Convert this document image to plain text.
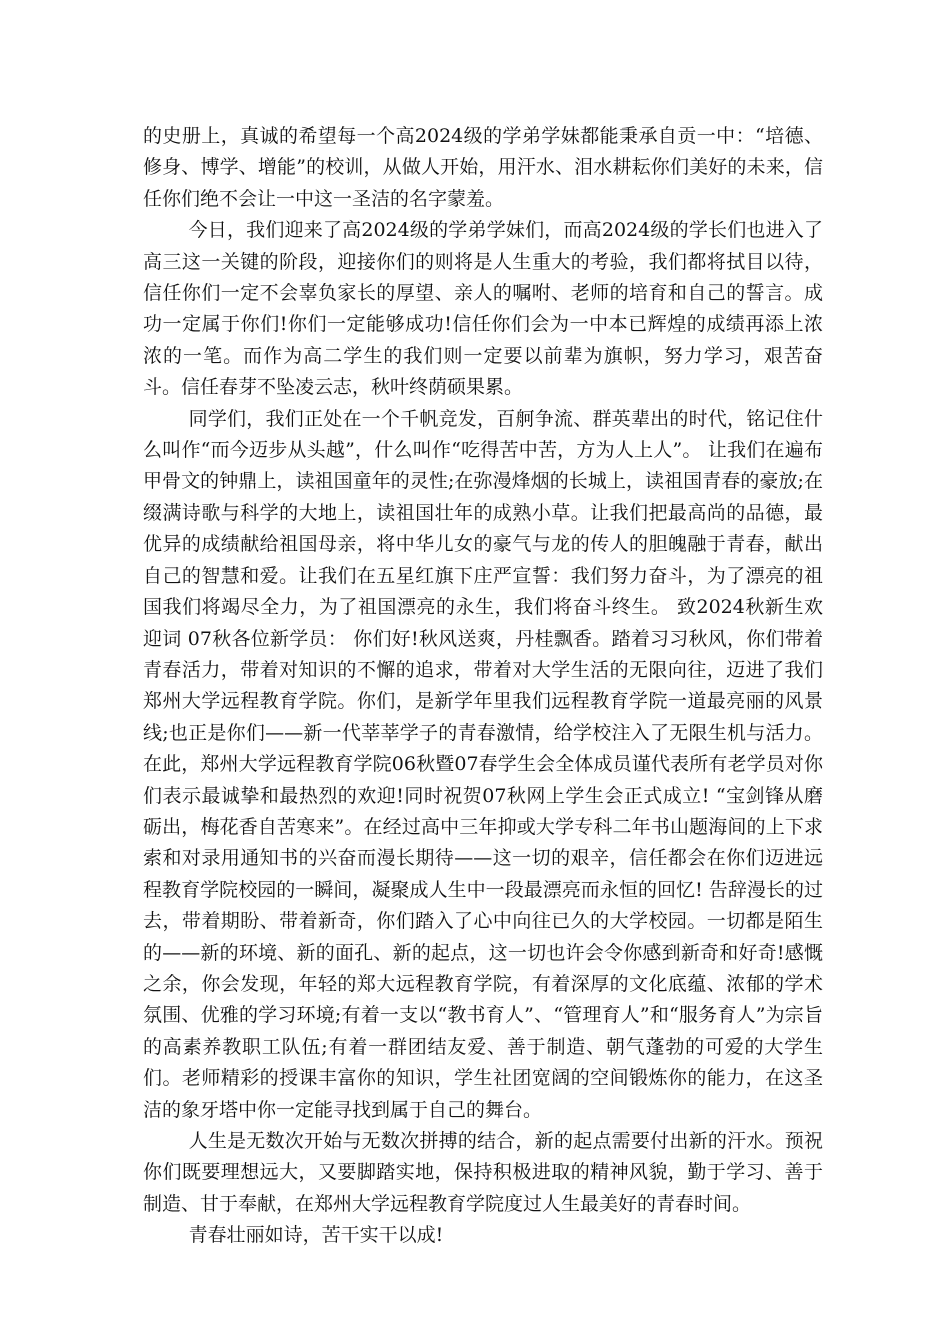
的史册上，真诚的希望每一个高2024级的学弟学妹都能秉承自贡一中：“培德、修身、博学、增能”的校训，从做人开始，用汗水、泪水耕耘你们美好的未来，信任你们绝不会让一中这一圣洁的名字蒙羞。

今日，我们迎来了高2024级的学弟学妹们，而高2024级的学长们也进入了高三这一关键的阶段，迎接你们的则将是人生重大的考验，我们都将拭目以待，信任你们一定不会辜负家长的厚望、亲人的嘱咐、老师的培育和自己的誓言。成功一定属于你们!你们一定能够成功!信任你们会为一中本已辉煌的成绩再添上浓浓的一笔。而作为高二学生的我们则一定要以前辈为旗帜，努力学习，艰苦奋斗。信任春芽不坠凌云志，秋叶终荫硕果累。

同学们，我们正处在一个千帆竞发，百舸争流、群英辈出的时代，铭记住什么叫作“而今迈步从头越”，什么叫作“吃得苦中苦，方为人上人”。 让我们在遍布甲骨文的钟鼎上，读祖国童年的灵性;在弥漫烽烟的长城上，读祖国青春的豪放;在缀满诗歌与科学的大地上，读祖国壮年的成熟小草。让我们把最高尚的品德，最优异的成绩献给祖国母亲，将中华儿女的豪气与龙的传人的胆魄融于青春，献出自己的智慧和爱。让我们在五星红旗下庄严宣誓：我们努力奋斗，为了漂亮的祖国我们将竭尽全力，为了祖国漂亮的永生，我们将奋斗终生。 致2024秋新生欢迎词 07秋各位新学员： 你们好!秋风送爽，丹桂飘香。踏着习习秋风，你们带着青春活力，带着对知识的不懈的追求，带着对大学生活的无限向往，迈进了我们郑州大学远程教育学院。你们，是新学年里我们远程教育学院一道最亮丽的风景线;也正是你们——新一代莘莘学子的青春激情，给学校注入了无限生机与活力。在此，郑州大学远程教育学院06秋暨07春学生会全体成员谨代表所有老学员对你们表示最诚挚和最热烈的欢迎!同时祝贺07秋网上学生会正式成立! “宝剑锋从磨砺出，梅花香自苦寒来”。在经过高中三年抑或大学专科二年书山题海间的上下求索和对录用通知书的兴奋而漫长期待——这一切的艰辛，信任都会在你们迈进远程教育学院校园的一瞬间，凝聚成人生中一段最漂亮而永恒的回忆! 告辞漫长的过去，带着期盼、带着新奇，你们踏入了心中向往已久的大学校园。一切都是陌生的——新的环境、新的面孔、新的起点，这一切也许会令你感到新奇和好奇!感慨之余，你会发现，年轻的郑大远程教育学院，有着深厚的文化底蕴、浓郁的学术氛围、优雅的学习环境;有着一支以“教书育人”、“管理育人”和“服务育人”为宗旨的高素养教职工队伍;有着一群团结友爱、善于制造、朝气蓬勃的可爱的大学生们。老师精彩的授课丰富你的知识，学生社团宽阔的空间锻炼你的能力，在这圣洁的象牙塔中你一定能寻找到属于自己的舞台。

人生是无数次开始与无数次拼搏的结合，新的起点需要付出新的汗水。预祝你们既要理想远大，又要脚踏实地，保持积极进取的精神风貌，勤于学习、善于制造、甘于奉献，在郑州大学远程教育学院度过人生最美好的青春时间。

青春壮丽如诗，苦干实干以成!
